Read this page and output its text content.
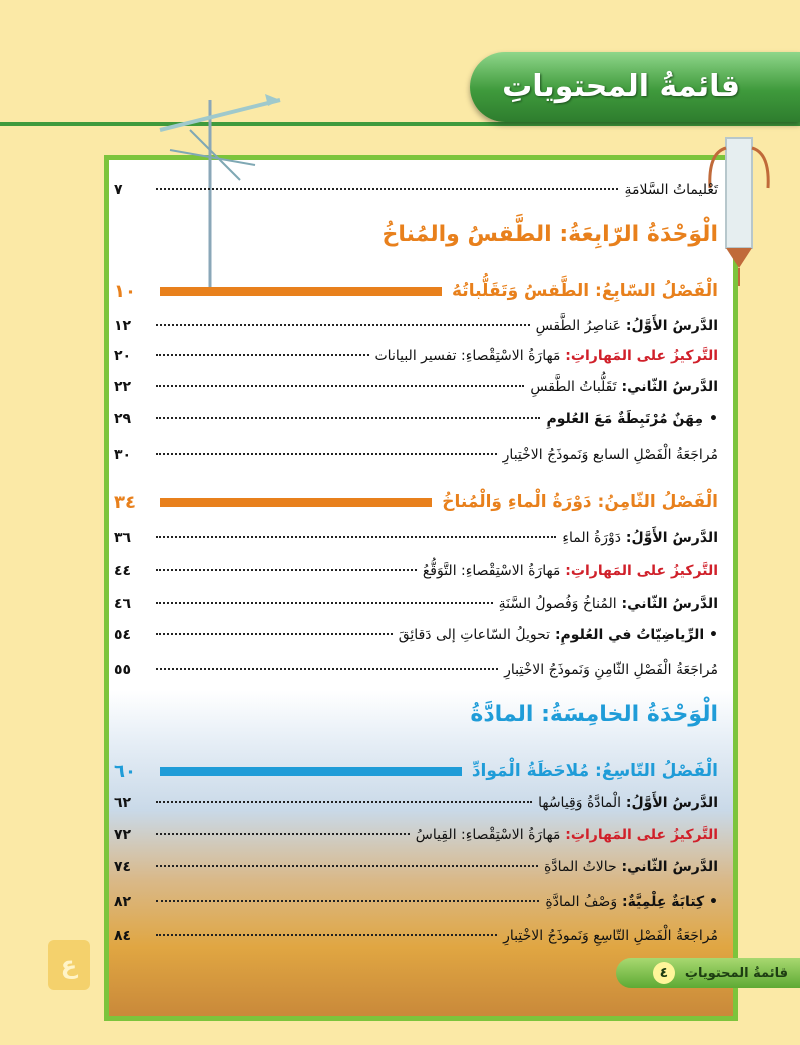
قائمةُ المحتوياتِ
ع
تَعْليماتُ السَّلامَةِ
٧
الْوَحْدَةُ الرّابِعَةُ: الطَّقسُ والمُناخُ
الْفَصْلُ السّابِعُ: الطَّقسُ وَتَقَلُّباتُهُ
١٠
الدَّرسُ الأَوَّلُ: عَناصِرُ الطَّقسِ
١٢
التَّركيزُ على المَهاراتِ: مَهارَةُ الاسْتِقْصاءِ: تفسير البيانات
٢٠
الدَّرسُ الثّاني: تَقَلُّباتُ الطَّقسِ
٢٢
•مِهَنٌ مُرْتَبِطَةٌ مَعَ العُلومِ
٢٩
مُراجَعَةُ الْفَصْلِ السابع وَنَموذَجُ الاخْتِبارِ
٣٠
الْفَصْلُ الثّامِنُ: دَوْرَةُ الْماءِ وَالْمُناخُ
٣٤
الدَّرسُ الأَوَّلُ: دَوْرَةُ الماءِ
٣٦
التَّركيزُ على المَهاراتِ: مَهارَةُ الاسْتِقْصاءِ: التَّوَقُّعُ
٤٤
الدَّرسُ الثّاني: المُناخُ وَفُصولُ السَّنَةِ
٤٦
• الرِّياضِيّاتُ في العُلومِ: تحويلُ السّاعاتِ إلى دَقائِقَ
٥٤
مُراجَعَةُ الْفَصْلِ الثّامِنِ وَنَموذَجُ الاخْتِبارِ
٥٥
الْوَحْدَةُ الخامِسَةُ: المادَّةُ
الْفَصْلُ التّاسِعُ: مُلاحَظَةُ الْمَوادِّ
٦٠
الدَّرسُ الأَوَّلُ: الْمادَّةُ وَقِياسُها
٦٢
التَّركيزُ على المَهاراتِ: مَهارَةُ الاسْتِقْصاءِ: القِياسُ
٧٢
الدَّرسُ الثّاني: حالاتُ المادَّةِ
٧٤
• كِتابَةٌ عِلْمِيَّةٌ: وَصْفُ المادَّةِ
٨٢
مُراجَعَةُ الْفَصْلِ التّاسِعِ وَنَموذَجُ الاخْتِبارِ
٨٤
قائمةُ المحتوياتِ
٤
